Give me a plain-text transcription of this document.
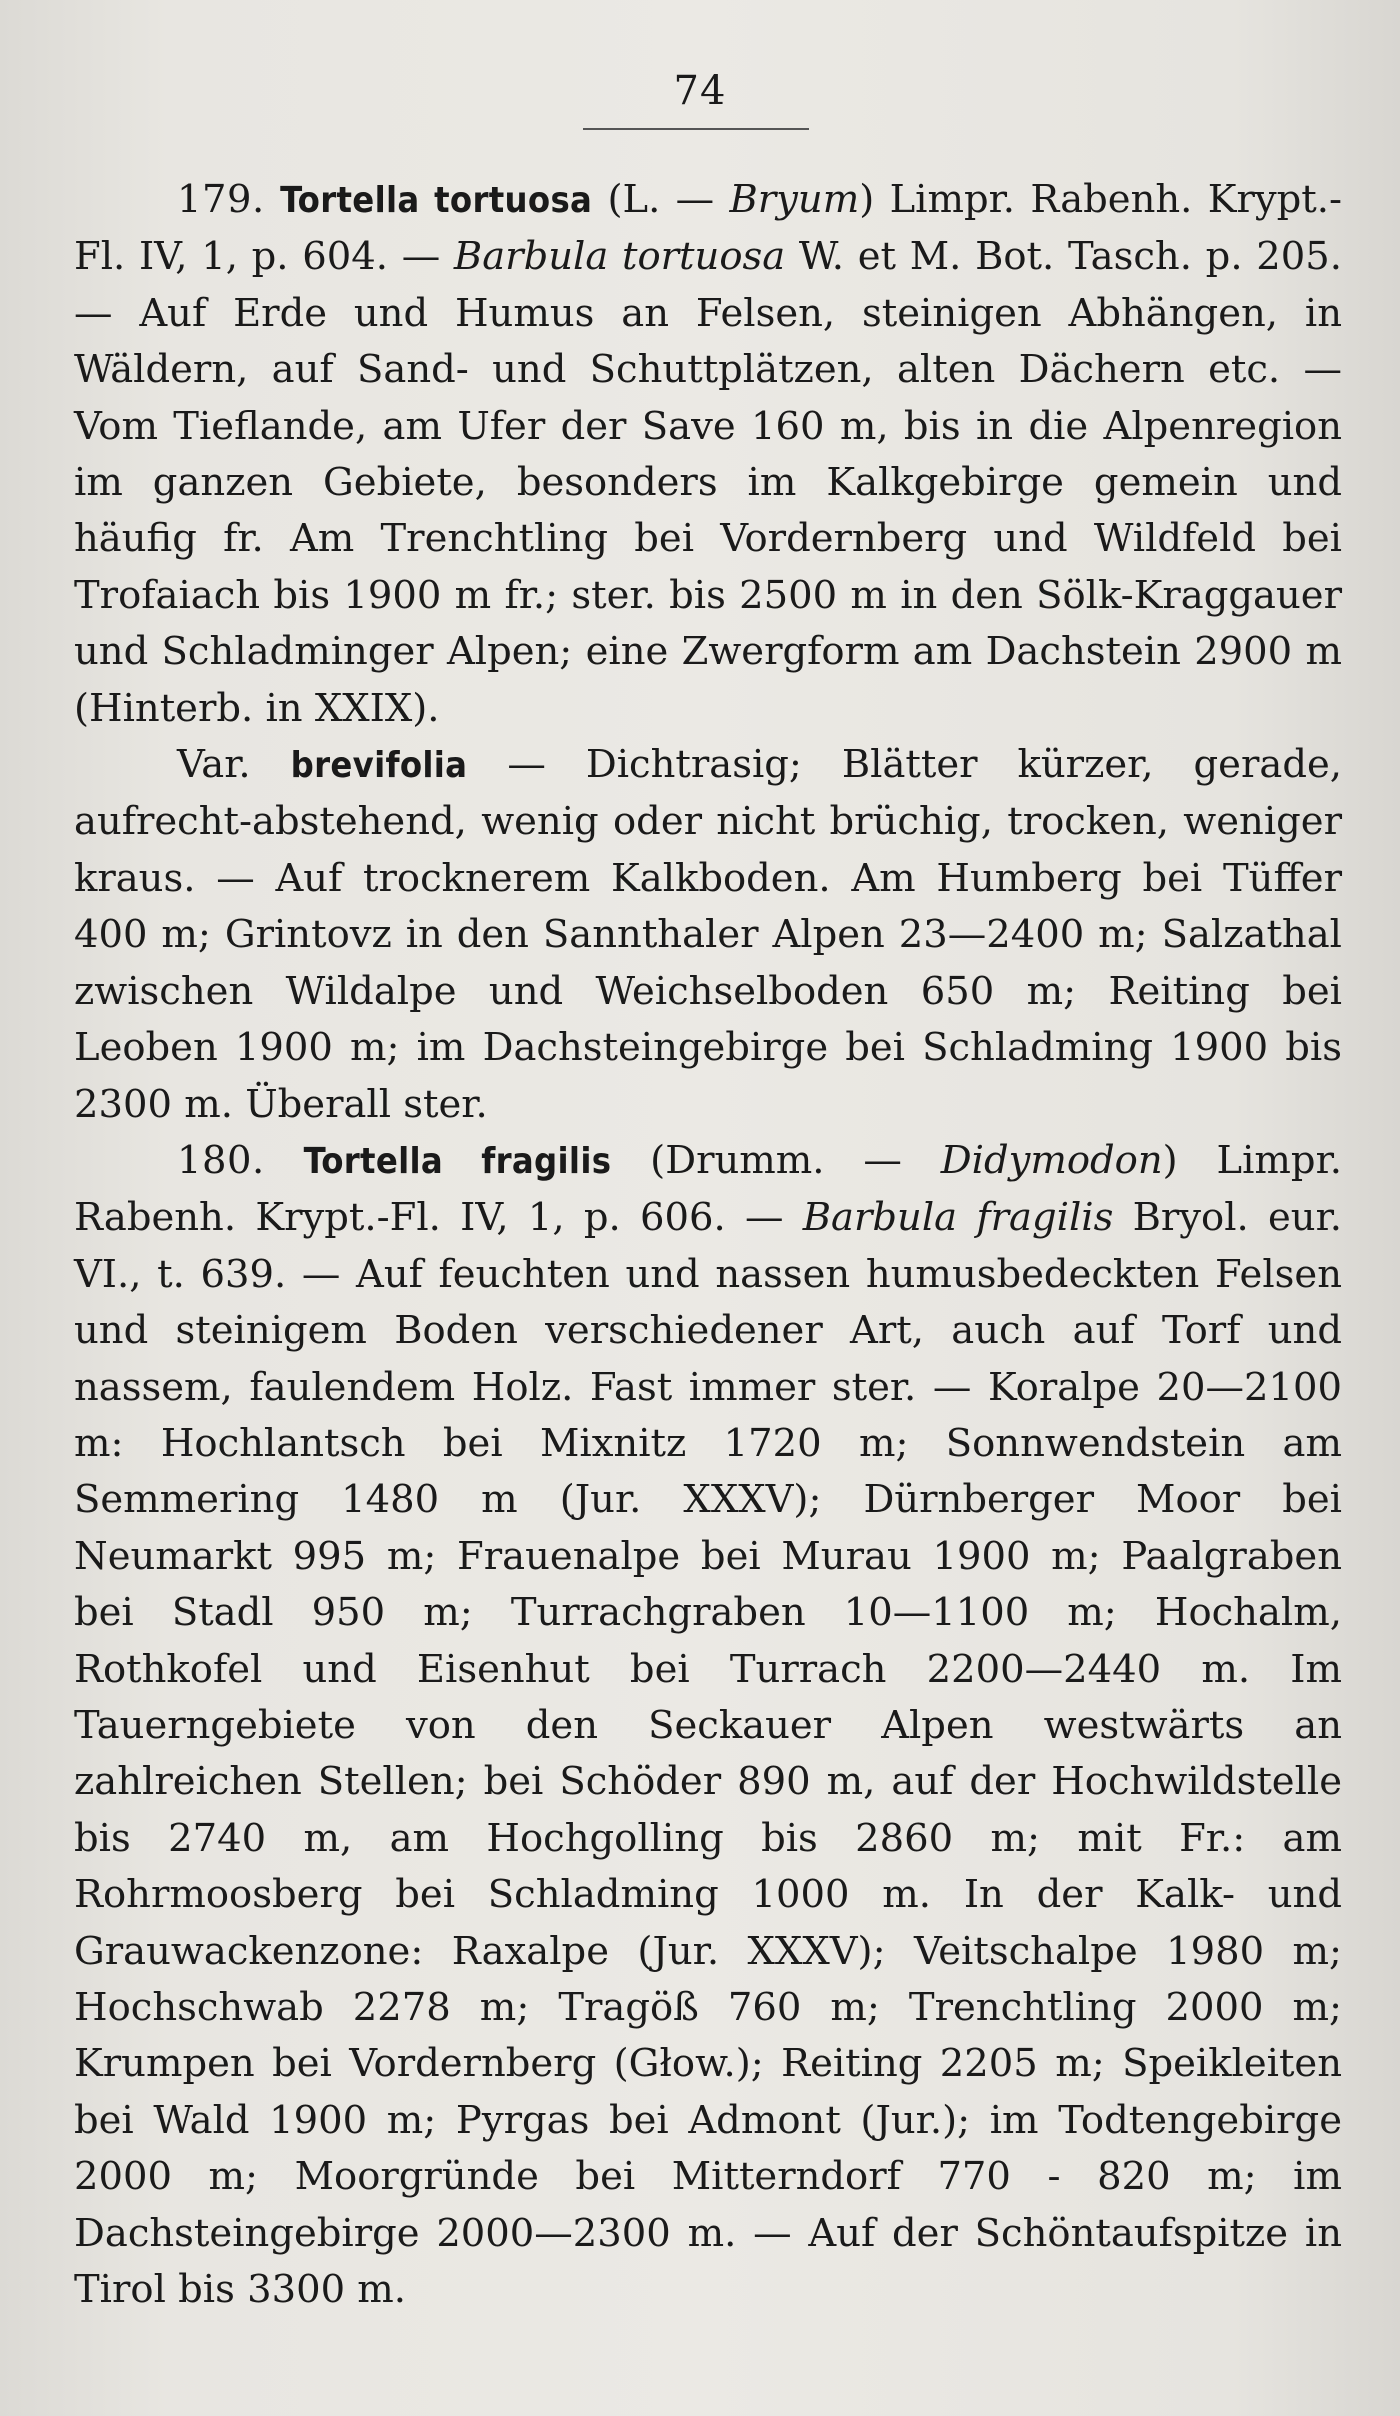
74

179. Tortella tortuosa (L. — Bryum) Limpr. Rabenh. Krypt.-Fl. IV, 1, p. 604. — Barbula tortuosa W. et M. Bot. Tasch. p. 205. — Auf Erde und Humus an Felsen, steinigen Abhängen, in Wäldern, auf Sand- und Schuttplätzen, alten Dächern etc. — Vom Tieflande, am Ufer der Save 160 m, bis in die Alpenregion im ganzen Gebiete, besonders im Kalkgebirge gemein und häufig fr. Am Trenchtling bei Vordernberg und Wildfeld bei Trofaiach bis 1900 m fr.; ster. bis 2500 m in den Sölk-Kraggauer und Schladminger Alpen; eine Zwergform am Dachstein 2900 m (Hinterb. in XXIX).

Var. brevifolia — Dichtrasig; Blätter kürzer, gerade, aufrecht-abstehend, wenig oder nicht brüchig, trocken, weniger kraus. — Auf trocknerem Kalkboden. Am Humberg bei Tüffer 400 m; Grintovz in den Sannthaler Alpen 23—2400 m; Salzathal zwischen Wildalpe und Weichselboden 650 m; Reiting bei Leoben 1900 m; im Dachsteingebirge bei Schladming 1900 bis 2300 m. Überall ster.

180. Tortella fragilis (Drumm. — Didymodon) Limpr. Rabenh. Krypt.-Fl. IV, 1, p. 606. — Barbula fragilis Bryol. eur. VI., t. 639. — Auf feuchten und nassen humusbedeckten Felsen und steinigem Boden verschiedener Art, auch auf Torf und nassem, faulendem Holz. Fast immer ster. — Koralpe 20—2100 m: Hochlantsch bei Mixnitz 1720 m; Sonnwendstein am Semmering 1480 m (Jur. XXXV); Dürnberger Moor bei Neumarkt 995 m; Frauenalpe bei Murau 1900 m; Paalgraben bei Stadl 950 m; Turrachgraben 10—1100 m; Hochalm, Rothkofel und Eisenhut bei Turrach 2200—2440 m. Im Tauerngebiete von den Seckauer Alpen westwärts an zahlreichen Stellen; bei Schöder 890 m, auf der Hochwildstelle bis 2740 m, am Hochgolling bis 2860 m; mit Fr.: am Rohrmoosberg bei Schladming 1000 m. In der Kalk- und Grauwackenzone: Raxalpe (Jur. XXXV); Veitschalpe 1980 m; Hochschwab 2278 m; Tragöß 760 m; Trenchtling 2000 m; Krumpen bei Vordernberg (Głow.); Reiting 2205 m; Speikleiten bei Wald 1900 m; Pyrgas bei Admont (Jur.); im Todtengebirge 2000 m; Moorgründe bei Mitterndorf 770 - 820 m; im Dachsteingebirge 2000—2300 m. — Auf der Schöntaufspitze in Tirol bis 3300 m.
